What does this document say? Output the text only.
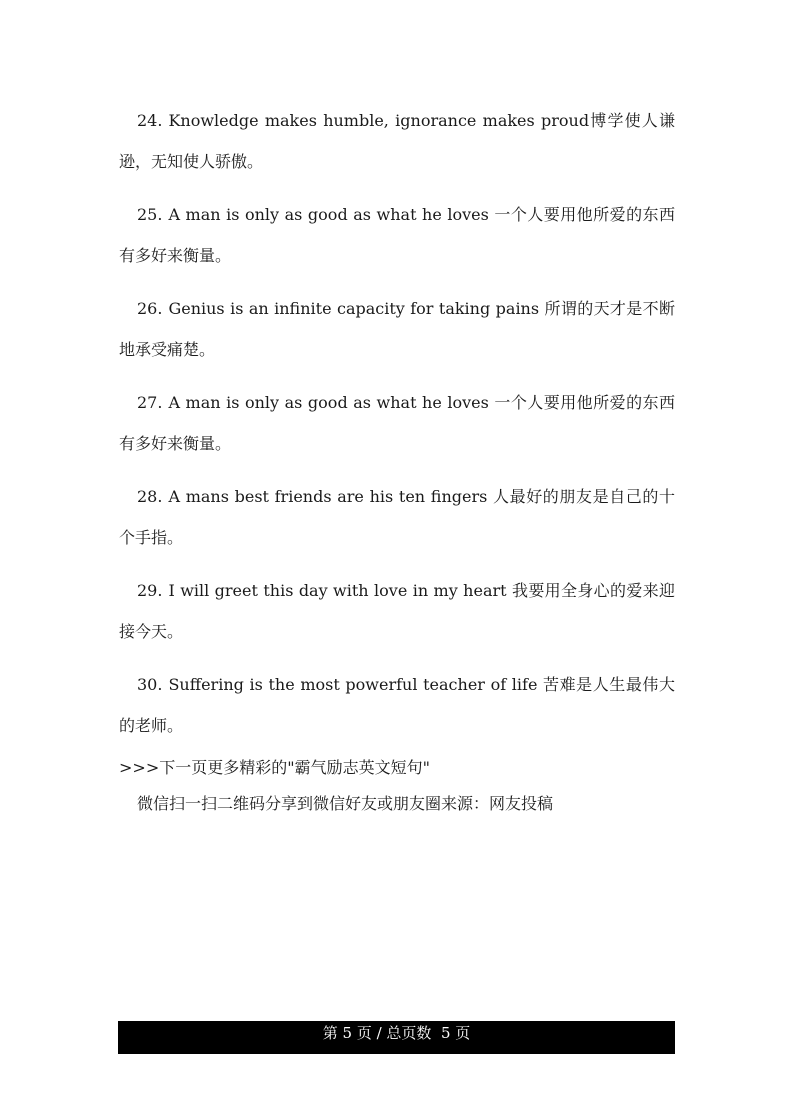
24. Knowledge makes humble, ignorance makes proud博学使人谦逊，无知使人骄傲。

25. A man is only as good as what he loves 一个人要用他所爱的东西有多好来衡量。

26. Genius is an infinite capacity for taking pains 所谓的天才是不断地承受痛楚。

27. A man is only as good as what he loves 一个人要用他所爱的东西有多好来衡量。

28. A mans best friends are his ten fingers 人最好的朋友是自己的十个手指。

29. I will greet this day with love in my heart 我要用全身心的爱来迎接今天。

30. Suffering is the most powerful teacher of life 苦难是人生最伟大的老师。

>>>下一页更多精彩的"霸气励志英文短句"

微信扫一扫二维码分享到微信好友或朋友圈来源：网友投稿

第 5 页 / 总页数  5 页
